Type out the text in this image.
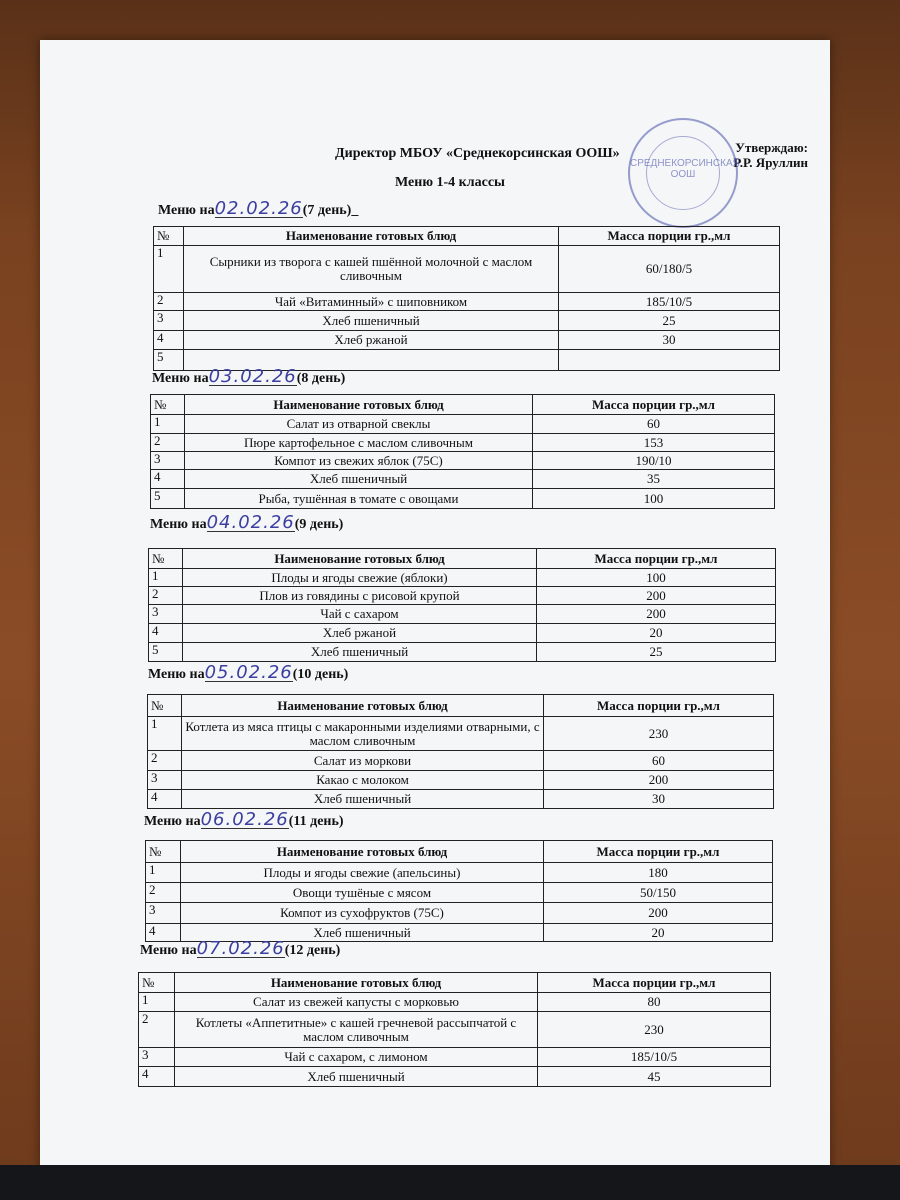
Директор МБОУ «Среднекорсинская ООШ»	Утверждаю:
Р.Р. Яруллин
СРЕДНЕКОРСИНСКАЯ ООШ
Меню 1-4 классы
Меню на02.02.26(7 день)_
№	Наименование готовых блюд	Масса порции гр.,мл
1	Сырники из творога с кашей пшённой молочной с маслом сливочным	60/180/5
2	Чай «Витаминный» с шиповником	185/10/5
3	Хлеб пшеничный	25
4	Хлеб ржаной	30
5		
Меню на03.02.26(8 день)
№	Наименование готовых блюд	Масса порции гр.,мл
1	Салат из отварной свеклы	60
2	Пюре картофельное с маслом сливочным	153
3	Компот из свежих яблок (75С)	190/10
4	Хлеб пшеничный	35
5	Рыба, тушённая в томате с овощами	100
Меню на04.02.26(9 день)
№	Наименование готовых блюд	Масса порции гр.,мл
1	Плоды и ягоды свежие (яблоки)	100
2	Плов из говядины с рисовой крупой	200
3	Чай с сахаром	200
4	Хлеб ржаной	20
5	Хлеб пшеничный	25
Меню на05.02.26(10 день)
№	Наименование готовых блюд	Масса порции гр.,мл
1	Котлета из мяса птицы с макаронными изделиями отварными, с маслом сливочным	230
2	Салат из моркови	60
3	Какао с молоком	200
4	Хлеб пшеничный	30
Меню на06.02.26(11 день)
№	Наименование готовых блюд	Масса порции гр.,мл
1	Плоды и ягоды свежие (апельсины)	180
2	Овощи тушёные с мясом	50/150
3	Компот из сухофруктов (75С)	200
4	Хлеб пшеничный	20
Меню на07.02.26(12 день)
№	Наименование готовых блюд	Масса порции гр.,мл
1	Салат из свежей капусты с морковью	80
2	Котлеты «Аппетитные» с кашей гречневой рассыпчатой с маслом сливочным	230
3	Чай с сахаром, с лимоном	185/10/5
4	Хлеб пшеничный	45
